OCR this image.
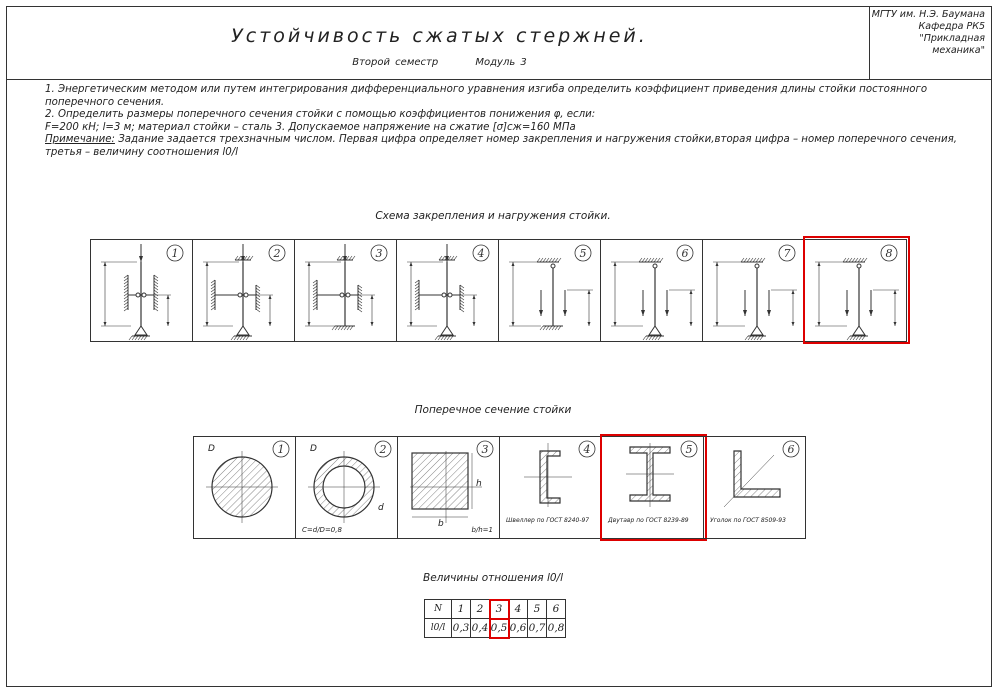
Устойчивость сжатых стержней.
Второй семестр	Модуль 3
МГТУ им. Н.Э. Баумана
Кафедра РК5
"Прикладная механика"

1. Энергетическим методом или путем интегрирования дифференциального уравнения изгиба определить коэффициент приведения длины стойки постоянного поперечного сечения.

2. Определить размеры поперечного сечения стойки с помощью коэффициентов понижения φ, если:

F=200 кН; l=3 м; материал стойки – сталь 3. Допускаемое напряжение на сжатие [σ]сж=160 МПа

Примечание: Задание задается трехзначным числом. Первая цифра определяет номер закрепления и нагружения стойки,вторая цифра – номер поперечного сечения, третья – величину соотношения l0/l

Схема закрепления и нагружения стойки.
1	2	3	4	5	6	7	8
Поперечное сечение стойки
1
D	2
D
d
C=d/D=0,8
3
b
h
b/h=1
4
Швеллер по ГОСТ 8240-97
5
Двутавр по ГОСТ 8239-89
6
Уголок по ГОСТ 8509-93
Величины отношения l0/l
N	1	2	3	4	5	6
l0/l	0,3	0,4	0,5	0,6	0,7	0,8
